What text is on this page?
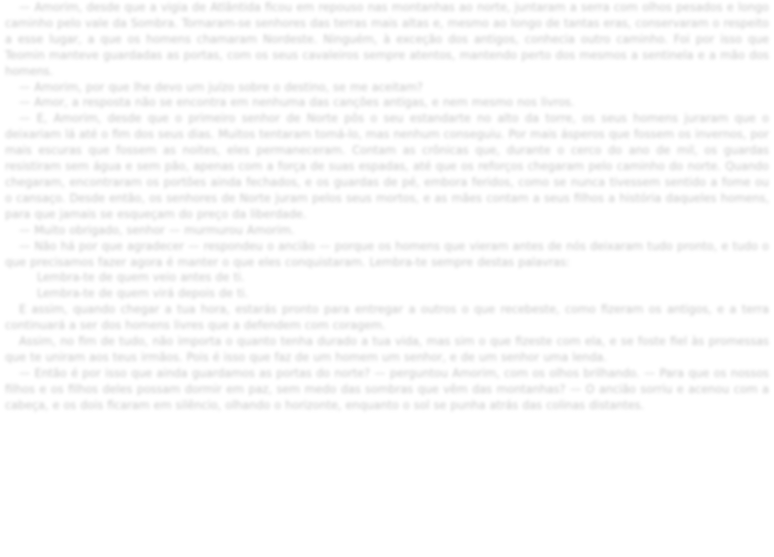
— Amorim, desde que a vigia de Atlântida ficou em repouso nas montanhas ao norte, juntaram a serra com olhos pesados e longo caminho pelo vale da Sombra. Tornaram-se senhores das terras mais altas e, mesmo ao longo de tantas eras, conservaram o respeito a esse lugar, a que os homens chamaram Nordeste. Ninguém, à exceção dos antigos, conhecia outro caminho. Foi por isso que Teomin manteve guardadas as portas, com os seus cavaleiros sempre atentos, mantendo perto dos mesmos a sentinela e a mão dos homens.

— Amorim, por que lhe devo um juízo sobre o destino, se me aceitam?

— Amor, a resposta não se encontra em nenhuma das canções antigas, e nem mesmo nos livros.

— E, Amorim, desde que o primeiro senhor de Norte pôs o seu estandarte no alto da torre, os seus homens juraram que o deixariam lá até o fim dos seus dias. Muitos tentaram tomá-lo, mas nenhum conseguiu. Por mais ásperos que fossem os invernos, por mais escuras que fossem as noites, eles permaneceram. Contam as crônicas que, durante o cerco do ano de mil, os guardas resistiram sem água e sem pão, apenas com a força de suas espadas, até que os reforços chegaram pelo caminho do norte. Quando chegaram, encontraram os portões ainda fechados, e os guardas de pé, embora feridos, como se nunca tivessem sentido a fome ou o cansaço. Desde então, os senhores de Norte juram pelos seus mortos, e as mães contam a seus filhos a história daqueles homens, para que jamais se esqueçam do preço da liberdade.

— Muito obrigado, senhor — murmurou Amorim.

— Não há por que agradecer — respondeu o ancião — porque os homens que vieram antes de nós deixaram tudo pronto, e tudo o que precisamos fazer agora é manter o que eles conquistaram. Lembra-te sempre destas palavras:

Lembra-te de quem veio antes de ti.

Lembra-te de quem virá depois de ti.

E assim, quando chegar a tua hora, estarás pronto para entregar a outros o que recebeste, como fizeram os antigos, e a terra continuará a ser dos homens livres que a defendem com coragem.

Assim, no fim de tudo, não importa o quanto tenha durado a tua vida, mas sim o que fizeste com ela, e se foste fiel às promessas que te uniram aos teus irmãos. Pois é isso que faz de um homem um senhor, e de um senhor uma lenda.

— Então é por isso que ainda guardamos as portas do norte? — perguntou Amorim, com os olhos brilhando. — Para que os nossos filhos e os filhos deles possam dormir em paz, sem medo das sombras que vêm das montanhas? — O ancião sorriu e acenou com a cabeça, e os dois ficaram em silêncio, olhando o horizonte, enquanto o sol se punha atrás das colinas distantes.
